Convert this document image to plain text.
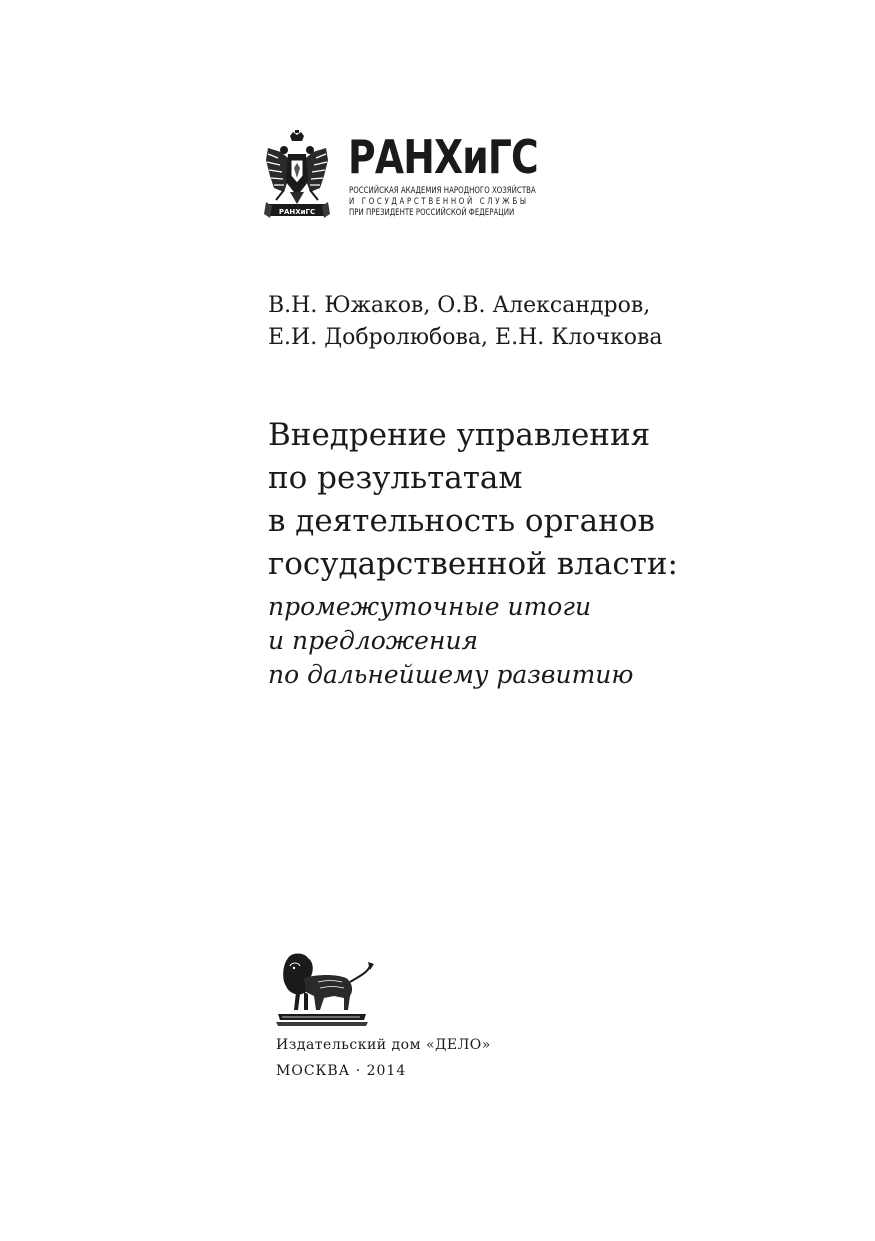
РАНХиГС
РАНХиГС
РОССИЙСКАЯ АКАДЕМИЯ НАРОДНОГО ХОЗЯЙСТВА
И ГОСУДАРСТВЕННОЙ СЛУЖБЫ
ПРИ ПРЕЗИДЕНТЕ РОССИЙСКОЙ ФЕДЕРАЦИИ
В.Н. Южаков, О.В. Александров,
Е.И. Добролюбова, Е.Н. Клочкова
Внедрение управления
по результатам
в деятельность органов
государственной власти:
промежуточные итоги
и предложения
по дальнейшему развитию
Издательский дом «ДЕЛО»
МОСКВА · 2014
